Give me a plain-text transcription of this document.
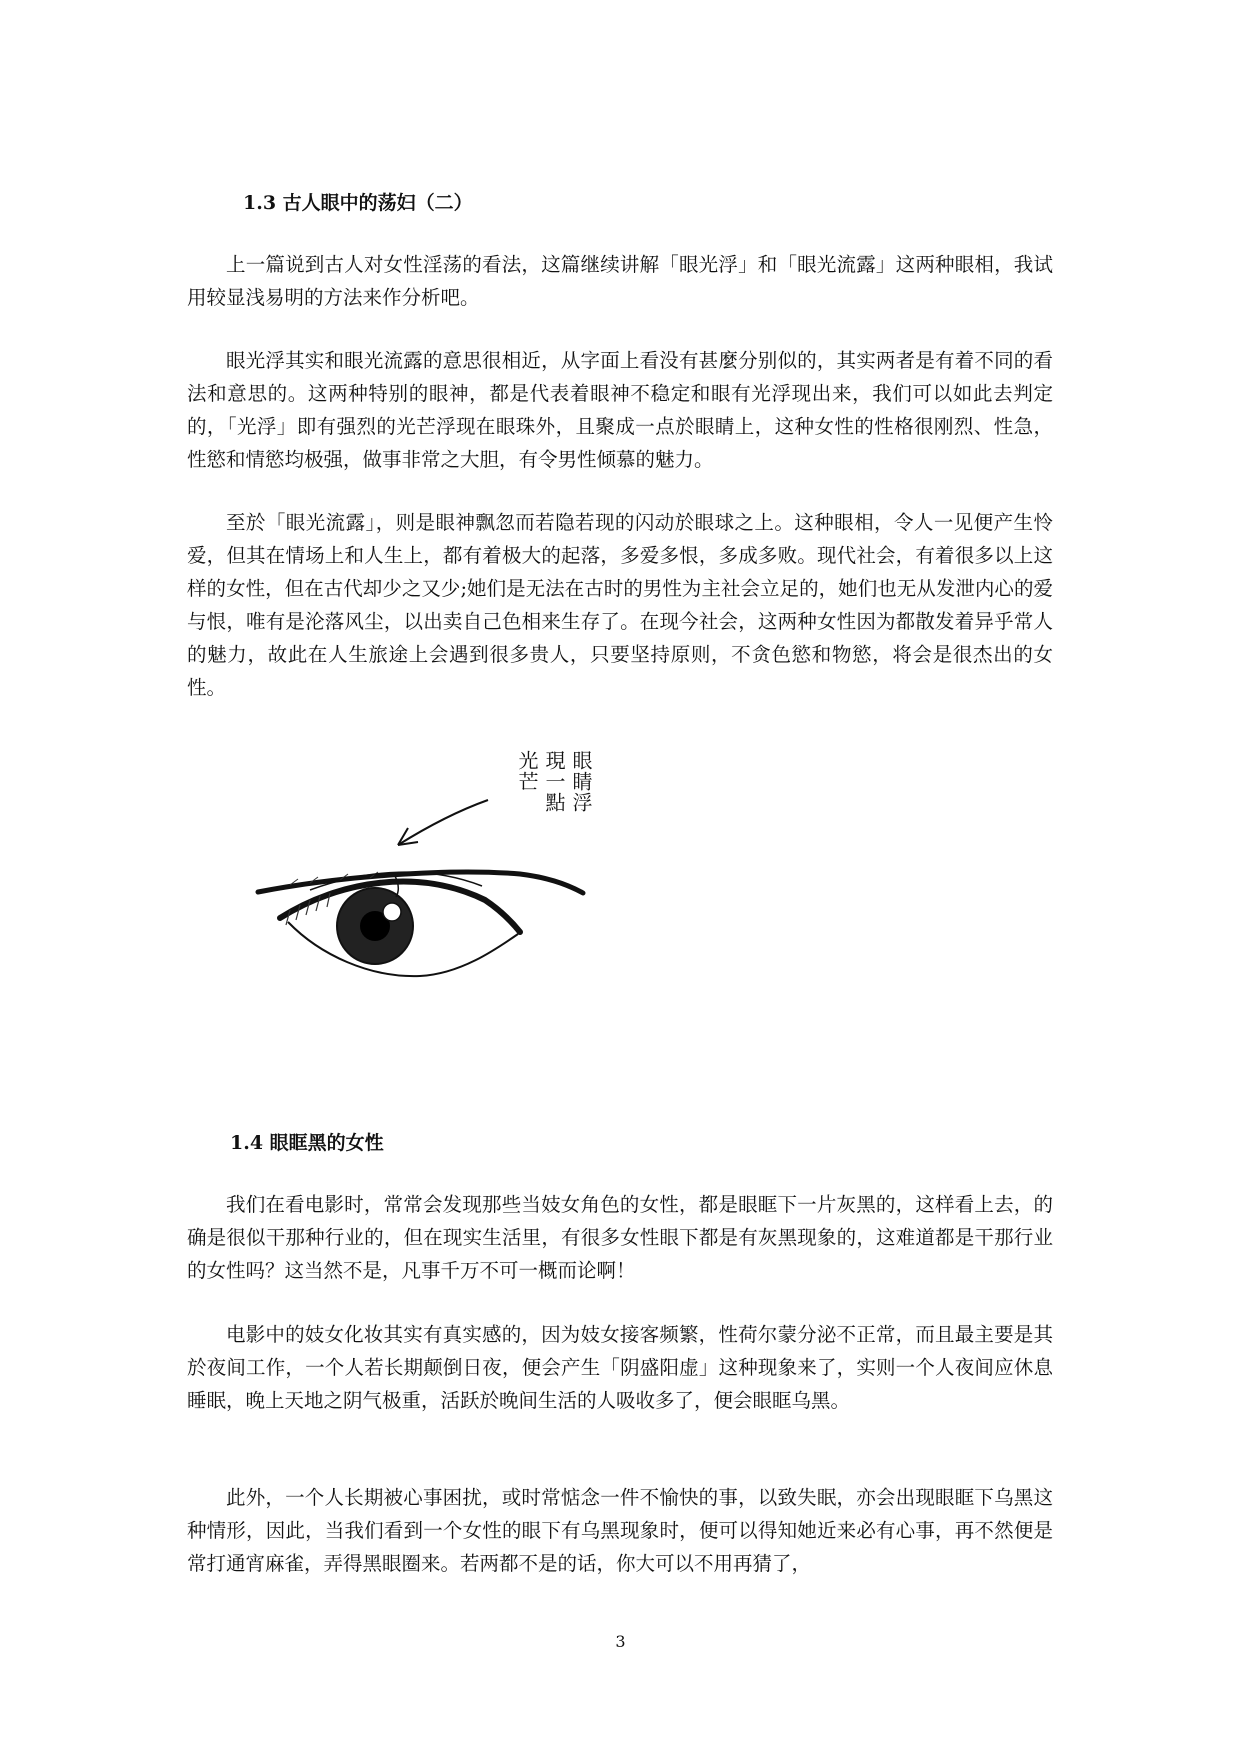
1.3 古人眼中的荡妇（二）

上一篇说到古人对女性淫荡的看法，这篇继续讲解「眼光浮」和「眼光流露」这两种眼相，我试用较显浅易明的方法来作分析吧。

眼光浮其实和眼光流露的意思很相近，从字面上看没有甚麼分别似的，其实两者是有着不同的看法和意思的。这两种特别的眼神，都是代表着眼神不稳定和眼有光浮现出来，我们可以如此去判定的，「光浮」即有强烈的光芒浮现在眼珠外，且聚成一点於眼睛上，这种女性的性格很刚烈、性急，性慾和情慾均极强，做事非常之大胆，有令男性倾慕的魅力。

至於「眼光流露」，则是眼神飘忽而若隐若现的闪动於眼球之上。这种眼相，令人一见便产生怜爱，但其在情场上和人生上，都有着极大的起落，多爱多恨，多成多败。现代社会，有着很多以上这样的女性，但在古代却少之又少;她们是无法在古时的男性为主社会立足的，她们也无从发泄内心的爱与恨，唯有是沦落风尘，以出卖自己色相来生存了。在现今社会，这两种女性因为都散发着异乎常人的魅力，故此在人生旅途上会遇到很多贵人，只要坚持原则，不贪色慾和物慾，将会是很杰出的女性。

光芒 現一點 眼睛浮
1.4 眼眶黑的女性

我们在看电影时，常常会发现那些当妓女角色的女性，都是眼眶下一片灰黑的，这样看上去，的确是很似干那种行业的，但在现实生活里，有很多女性眼下都是有灰黑现象的，这难道都是干那行业的女性吗？这当然不是，凡事千万不可一概而论啊！

电影中的妓女化妆其实有真实感的，因为妓女接客频繁，性荷尔蒙分泌不正常，而且最主要是其於夜间工作，一个人若长期颠倒日夜，便会产生「阴盛阳虚」这种现象来了，实则一个人夜间应休息睡眠，晚上天地之阴气极重，活跃於晚间生活的人吸收多了，便会眼眶乌黑。

此外，一个人长期被心事困扰，或时常惦念一件不愉快的事，以致失眠，亦会出现眼眶下乌黑这种情形，因此，当我们看到一个女性的眼下有乌黑现象时，便可以得知她近来必有心事，再不然便是常打通宵麻雀，弄得黑眼圈来。若两都不是的话，你大可以不用再猜了，

3
